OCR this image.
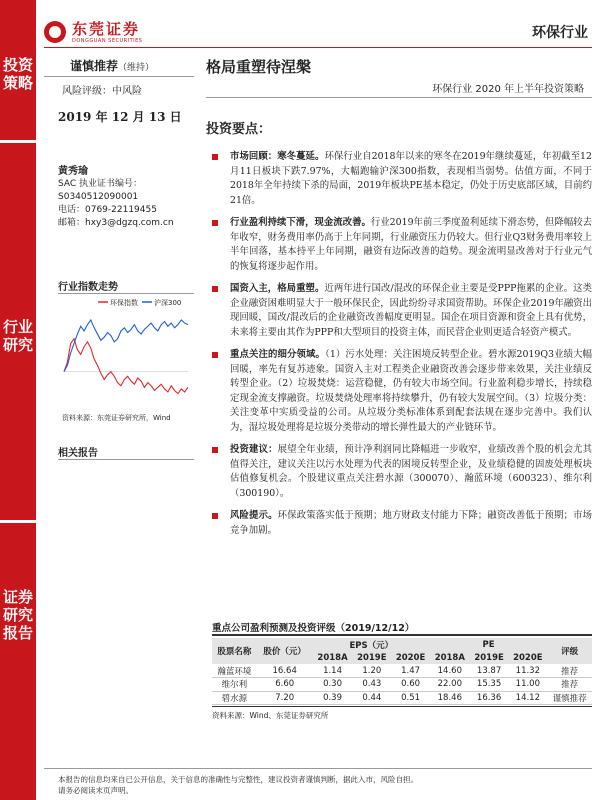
投资策略
行业研究
证券研究报告
东莞证券
DONGGUAN SECURITIES	环保行业
谨慎推荐（维持）
风险评级：中风险
2019 年 12 月 13 日
格局重塑待涅槃
环保行业 2020 年上半年投资策略
黄秀瑜
SAC 执业证书编号：
S0340512090001
电话：0769-22119455
邮箱：hxy3@dgzq.com.cn
行业指数走势
环保指数 沪深300
资料来源：东莞证券研究所，Wind
相关报告
投资要点：
市场回顾：寒冬蔓延。环保行业自2018年以来的寒冬在2019年继续蔓延，年初截至12月11日板块下跌7.97%，大幅跑输沪深300指数，表现相当弱势。估值方面，不同于2018年全年持续下杀的局面，2019年板块PE基本稳定，仍处于历史底部区域，目前约21倍。
行业盈利持续下滑，现金流改善。行业2019年前三季度盈利延续下滑态势，但降幅较去年收窄，财务费用率仍高于上年同期，行业融资压力仍较大。但行业Q3财务费用率较上半年回落，基本持平上年同期，融资有边际改善的趋势。现金流明显改善对于行业元气的恢复将逐步起作用。
国资入主，格局重塑。近两年进行国改/混改的环保企业主要是受PPP拖累的企业。这类企业融资困难明显大于一般环保民企，因此纷纷寻求国资帮助。环保企业2019年融资出现回暖，国改/混改后的企业融资改善幅度更明显。国企在项目资源和资金上具有优势，未来将主要由其作为PPP和大型项目的投资主体，而民营企业则更适合轻资产模式。
重点关注的细分领域。（1）污水处理：关注困境反转型企业。碧水源2019Q3业绩大幅回暖，率先有复苏迹象。国资入主对工程类企业融资改善会逐步带来效果，关注业绩反转型企业。（2）垃圾焚烧：运营稳健，仍有较大市场空间。行业盈利稳步增长，持续稳定现金流支撑融资。垃圾焚烧处理率将持续攀升，仍有较大发展空间。（3）垃圾分类：关注变革中实质受益的公司。从垃圾分类标准体系到配套法规在逐步完善中。我们认为，湿垃圾处理将是垃圾分类带动的增长弹性最大的产业链环节。
投资建议：展望全年业绩，预计净利润同比降幅进一步收窄，业绩改善个股的机会尤其值得关注，建议关注以污水处理为代表的困境反转型企业，及业绩稳健的固废处理板块估值修复机会。个股建议重点关注碧水源（300070）、瀚蓝环境（600323）、维尔利（300190）。
风险提示。环保政策落实低于预期；地方财政支付能力下降；融资改善低于预期；市场竞争加剧。
重点公司盈利预测及投资评级（2019/12/12）
股票名称	股价（元）	EPS（元）			PE			评级
		2018A	2019E	2020E	2018A	2019E	2020E	
瀚蓝环境	16.64	1.14	1.20	1.47	14.60	13.87	11.32	推荐
维尔利	6.60	0.30	0.43	0.60	22.00	15.35	11.00	推荐
碧水源	7.20	0.39	0.44	0.51	18.46	16.36	14.12	谨慎推荐
资料来源：Wind、东莞证券研究所
本报告的信息均来自已公开信息，关于信息的准确性与完整性，建议投资者谨慎判断，据此入市，风险自担。
请务必阅读末页声明。
